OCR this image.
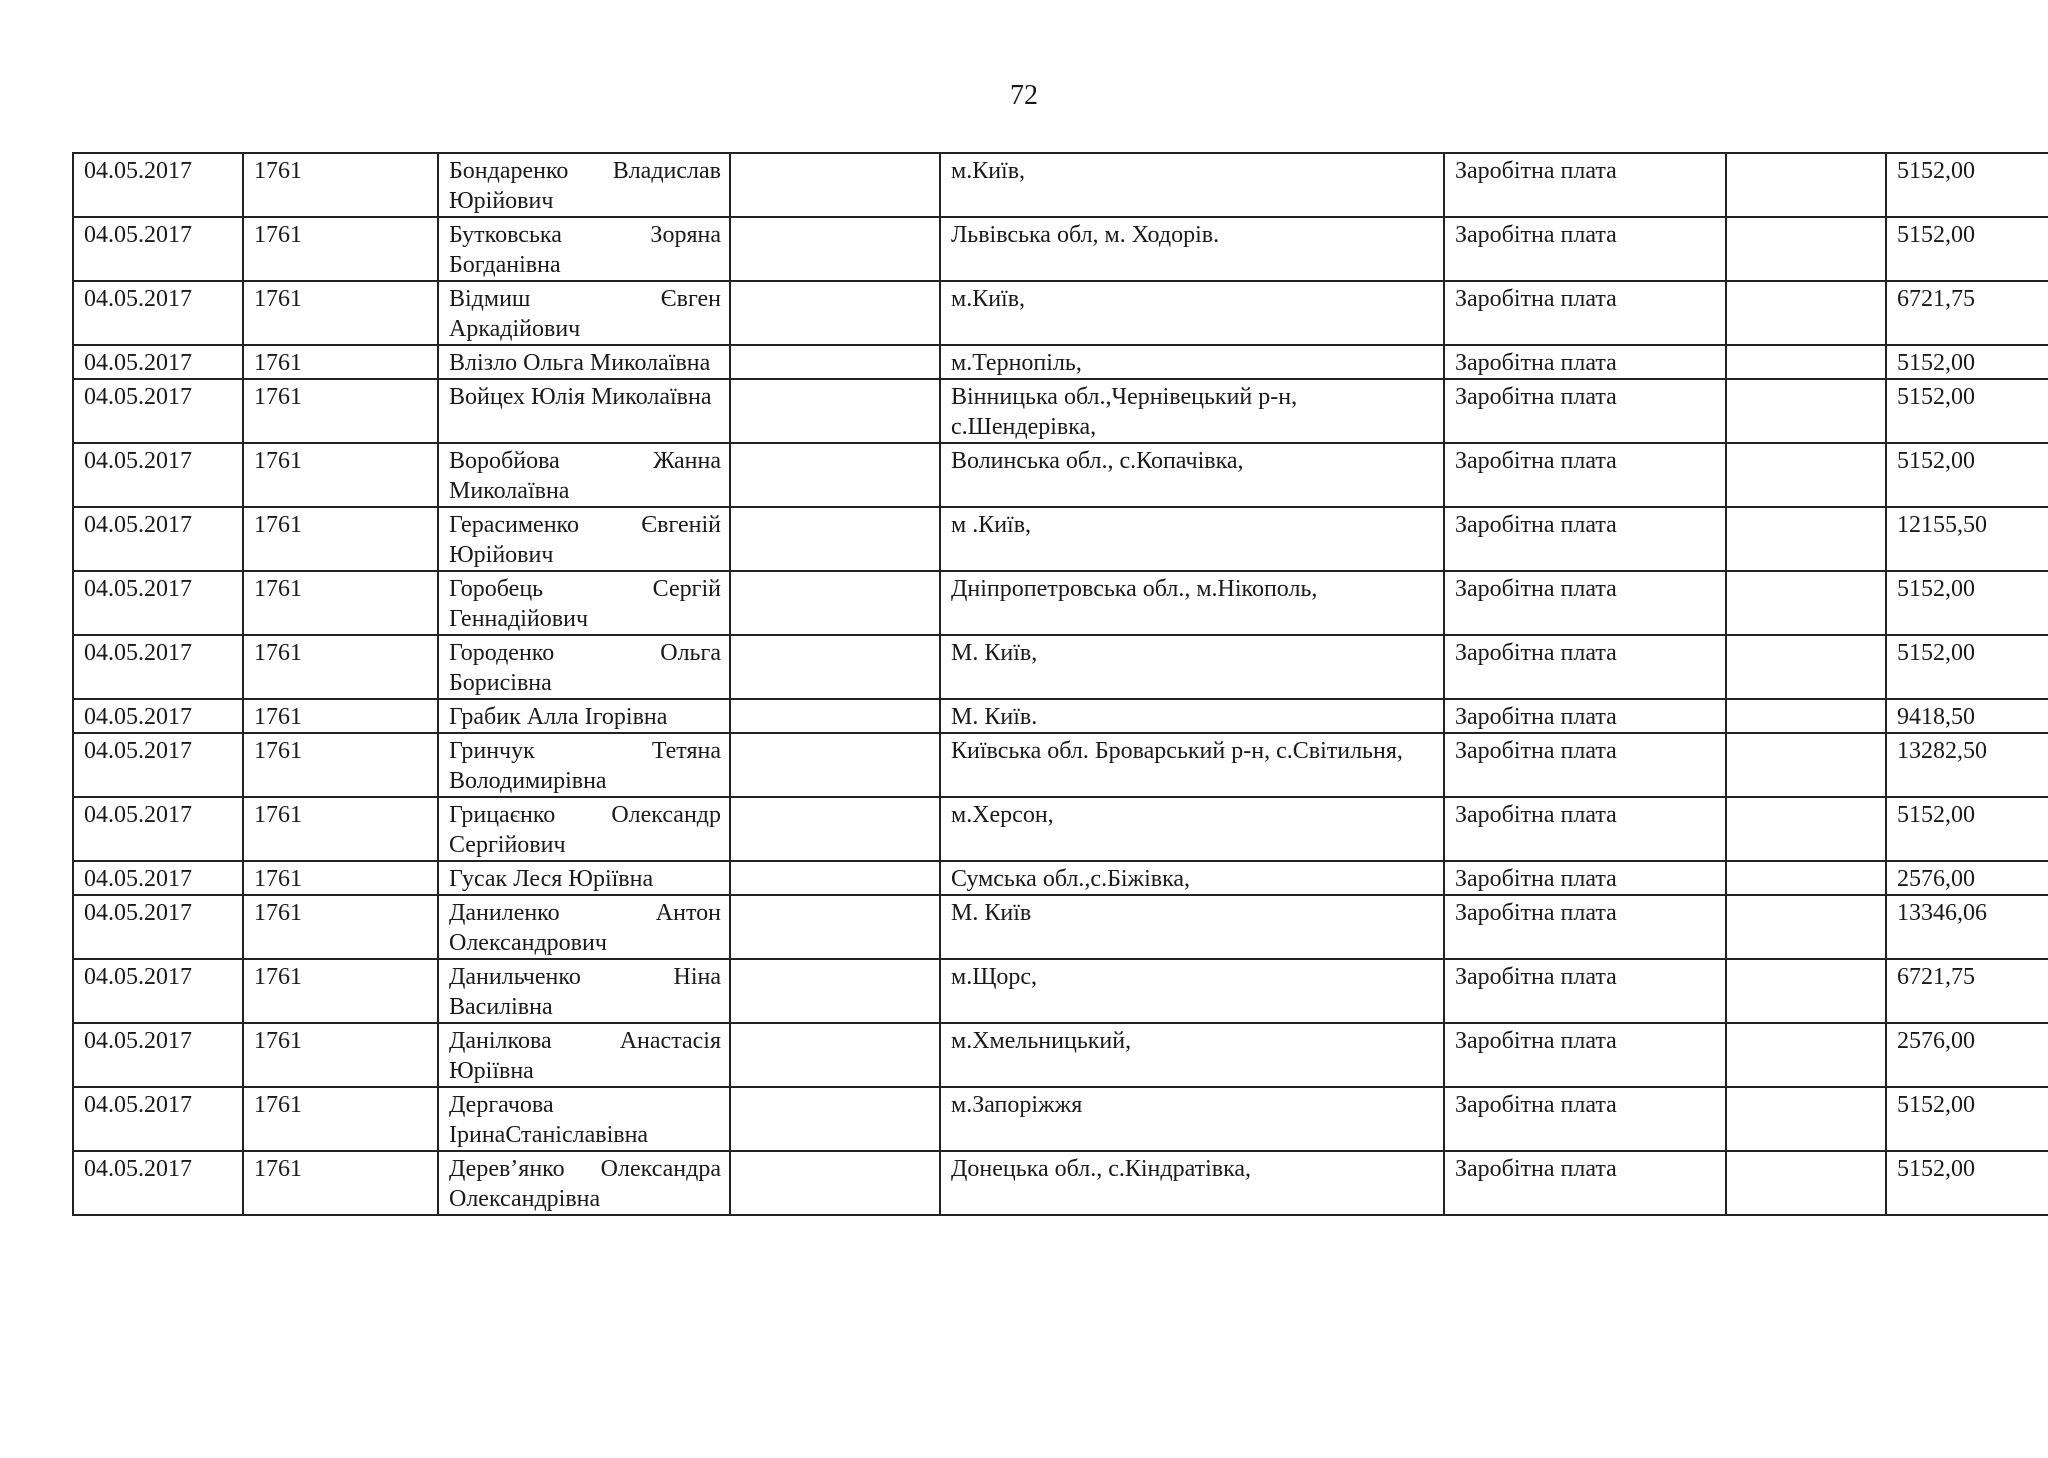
72
04.05.2017	1761	Бондаренко Владислав Юрійович		м.Київ,	Заробітна плата		5152,00
04.05.2017	1761	Бутковська Зоряна Богданівна		Львівська обл, м. Ходорів.	Заробітна плата		5152,00
04.05.2017	1761	Відмиш Євген Аркадійович		м.Київ,	Заробітна плата		6721,75
04.05.2017	1761	Влізло Ольга Миколаївна		м.Тернопіль,	Заробітна плата		5152,00
04.05.2017	1761	Войцех Юлія Миколаївна		Вінницька обл.,Чернівецький р-н, с.Шендерівка,	Заробітна плата		5152,00
04.05.2017	1761	Воробйова Жанна Миколаївна		Волинська обл., с.Копачівка,	Заробітна плата		5152,00
04.05.2017	1761	Герасименко Євгеній Юрійович		м .Київ,	Заробітна плата		12155,50
04.05.2017	1761	Горобець Сергій Геннадійович		Дніпропетровська обл., м.Нікополь,	Заробітна плата		5152,00
04.05.2017	1761	Городенко Ольга Борисівна		М. Київ,	Заробітна плата		5152,00
04.05.2017	1761	Грабик Алла Ігорівна		М. Київ.	Заробітна плата		9418,50
04.05.2017	1761	Гринчук Тетяна Володимирівна		Київська обл. Броварський р-н, с.Світильня,	Заробітна плата		13282,50
04.05.2017	1761	Грицаєнко Олександр Сергійович		м.Херсон,	Заробітна плата		5152,00
04.05.2017	1761	Гусак Леся Юріївна		Сумська обл.,с.Біжівка,	Заробітна плата		2576,00
04.05.2017	1761	Даниленко Антон Олександрович		М. Київ	Заробітна плата		13346,06
04.05.2017	1761	Данильченко Ніна Василівна		м.Щорс,	Заробітна плата		6721,75
04.05.2017	1761	Данілкова Анастасія Юріївна		м.Хмельницький,	Заробітна плата		2576,00
04.05.2017	1761	Дергачова ІринаСтаніславівна		м.Запоріжжя	Заробітна плата		5152,00
04.05.2017	1761	Дерев’янко Олександра Олександрівна		Донецька обл., с.Кіндратівка,	Заробітна плата		5152,00
